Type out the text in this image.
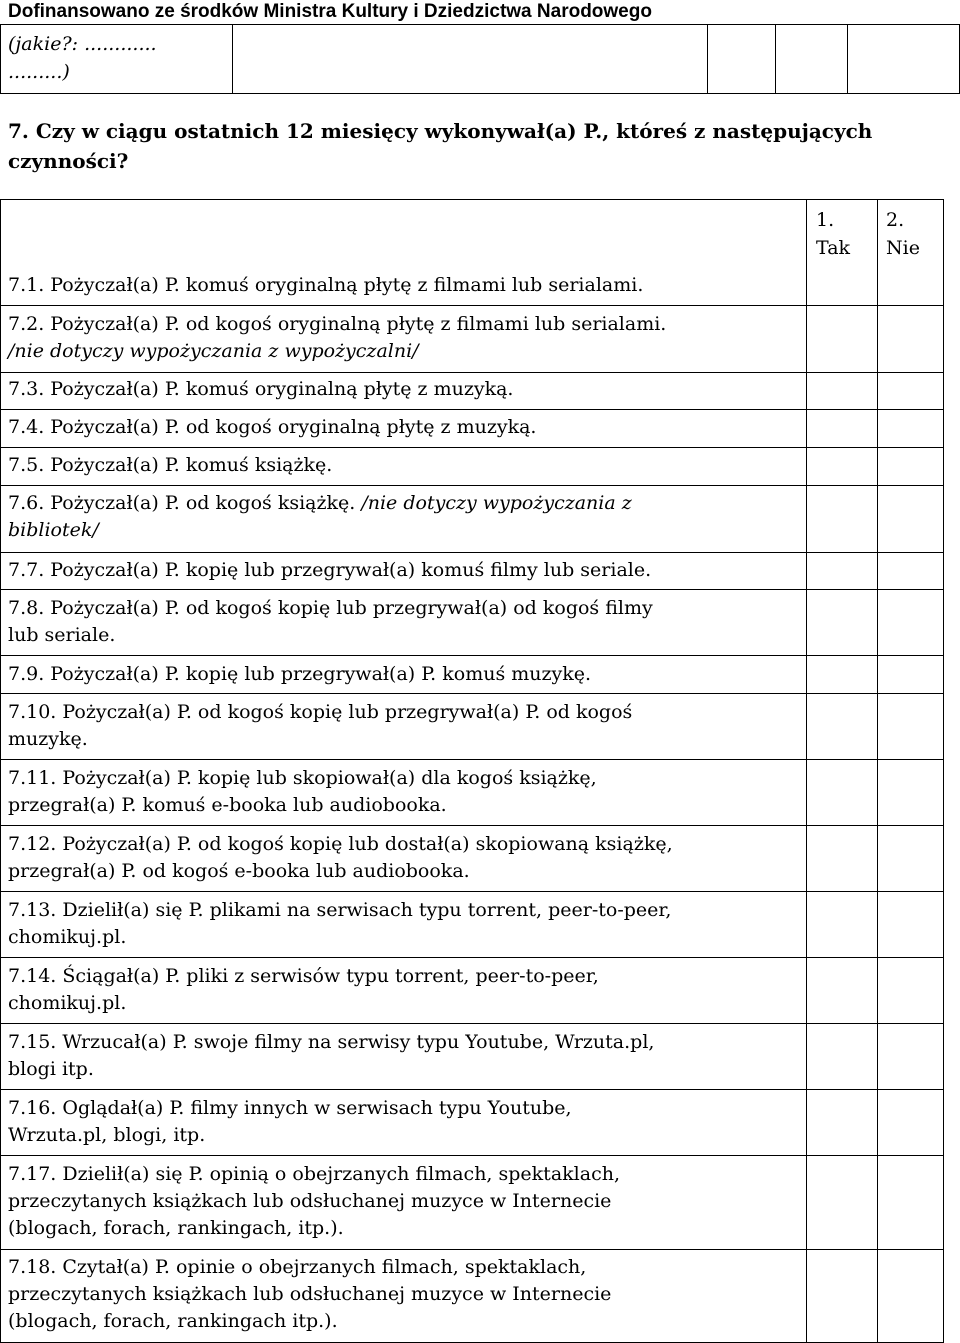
Dofinansowano ze środków Ministra Kultury i Dziedzictwa Narodowego
(jakie?: ............
.........)
7. Czy w ciągu ostatnich 12 miesięcy wykonywał(a) P., któreś z następujących czynności?
1.
Tak
2.
Nie
7.1. Pożyczał(a) P. komuś oryginalną płytę z filmami lub serialami.
7.2. Pożyczał(a) P. od kogoś oryginalną płytę z filmami lub serialami.
/nie dotyczy wypożyczania z wypożyczalni/
7.3. Pożyczał(a) P. komuś oryginalną płytę z muzyką.
7.4. Pożyczał(a) P. od kogoś oryginalną płytę z muzyką.
7.5. Pożyczał(a) P. komuś książkę.
7.6. Pożyczał(a) P. od kogoś książkę. /nie dotyczy wypożyczania z
bibliotek/
7.7. Pożyczał(a) P. kopię lub przegrywał(a) komuś filmy lub seriale.
7.8. Pożyczał(a) P. od kogoś kopię lub przegrywał(a) od kogoś filmy
lub seriale.
7.9. Pożyczał(a) P. kopię lub przegrywał(a) P. komuś muzykę.
7.10. Pożyczał(a) P. od kogoś kopię lub przegrywał(a) P. od kogoś
muzykę.
7.11. Pożyczał(a) P. kopię lub skopiował(a) dla kogoś książkę,
przegrał(a) P. komuś e-booka lub audiobooka.
7.12. Pożyczał(a) P. od kogoś kopię lub dostał(a) skopiowaną książkę,
przegrał(a) P. od kogoś e-booka lub audiobooka.
7.13. Dzielił(a) się P. plikami na serwisach typu torrent, peer-to-peer,
chomikuj.pl.
7.14. Ściągał(a) P. pliki z serwisów typu torrent, peer-to-peer,
chomikuj.pl.
7.15. Wrzucał(a) P. swoje filmy na serwisy typu Youtube, Wrzuta.pl,
blogi itp.
7.16. Oglądał(a) P. filmy innych w serwisach typu Youtube,
Wrzuta.pl, blogi, itp.
7.17. Dzielił(a) się P. opinią o obejrzanych filmach, spektaklach,
przeczytanych książkach lub odsłuchanej muzyce w Internecie
(blogach, forach, rankingach, itp.).
7.18. Czytał(a) P. opinie o obejrzanych filmach, spektaklach,
przeczytanych książkach lub odsłuchanej muzyce w Internecie
(blogach, forach, rankingach itp.).
